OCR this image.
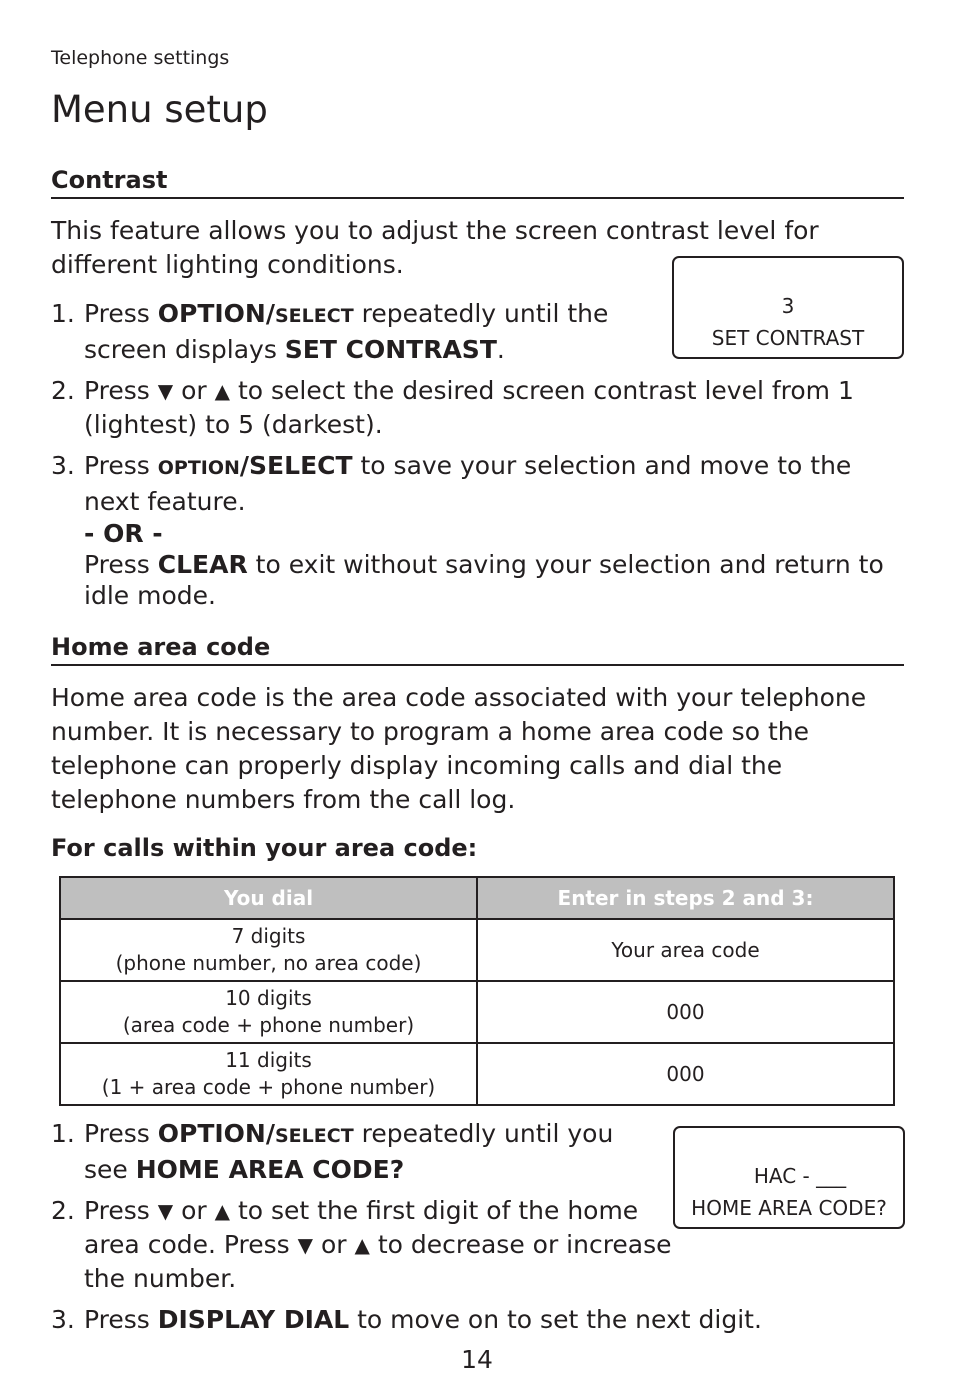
Telephone settings
Menu setup
Contrast
This feature allows you to adjust the screen contrast level for different lighting conditions.
3
SET CONTRAST
1. Press OPTION/SELECT repeatedly until the screen displays SET CONTRAST.
2. Press ▼ or ▲ to select the desired screen contrast level from 1 (lightest) to 5 (darkest).
3. Press OPTION/SELECT to save your selection and move to the next feature.
- OR -
Press CLEAR to exit without saving your selection and return to idle mode.
Home area code
Home area code is the area code associated with your telephone number. It is necessary to program a home area code so the telephone can properly display incoming calls and dial the telephone numbers from the call log.
For calls within your area code:
You dial	Enter in steps 2 and 3:

7 digits
(phone number, no area code)	Your area code

10 digits
(area code + phone number)	000

11 digits
(1 + area code + phone number)	000
HAC - ___
HOME AREA CODE?
1. Press OPTION/SELECT repeatedly until you see HOME AREA CODE?
2. Press ▼ or ▲ to set the first digit of the home area code. Press ▼ or ▲ to decrease or increase the number.
3. Press DISPLAY DIAL to move on to set the next digit.
14
